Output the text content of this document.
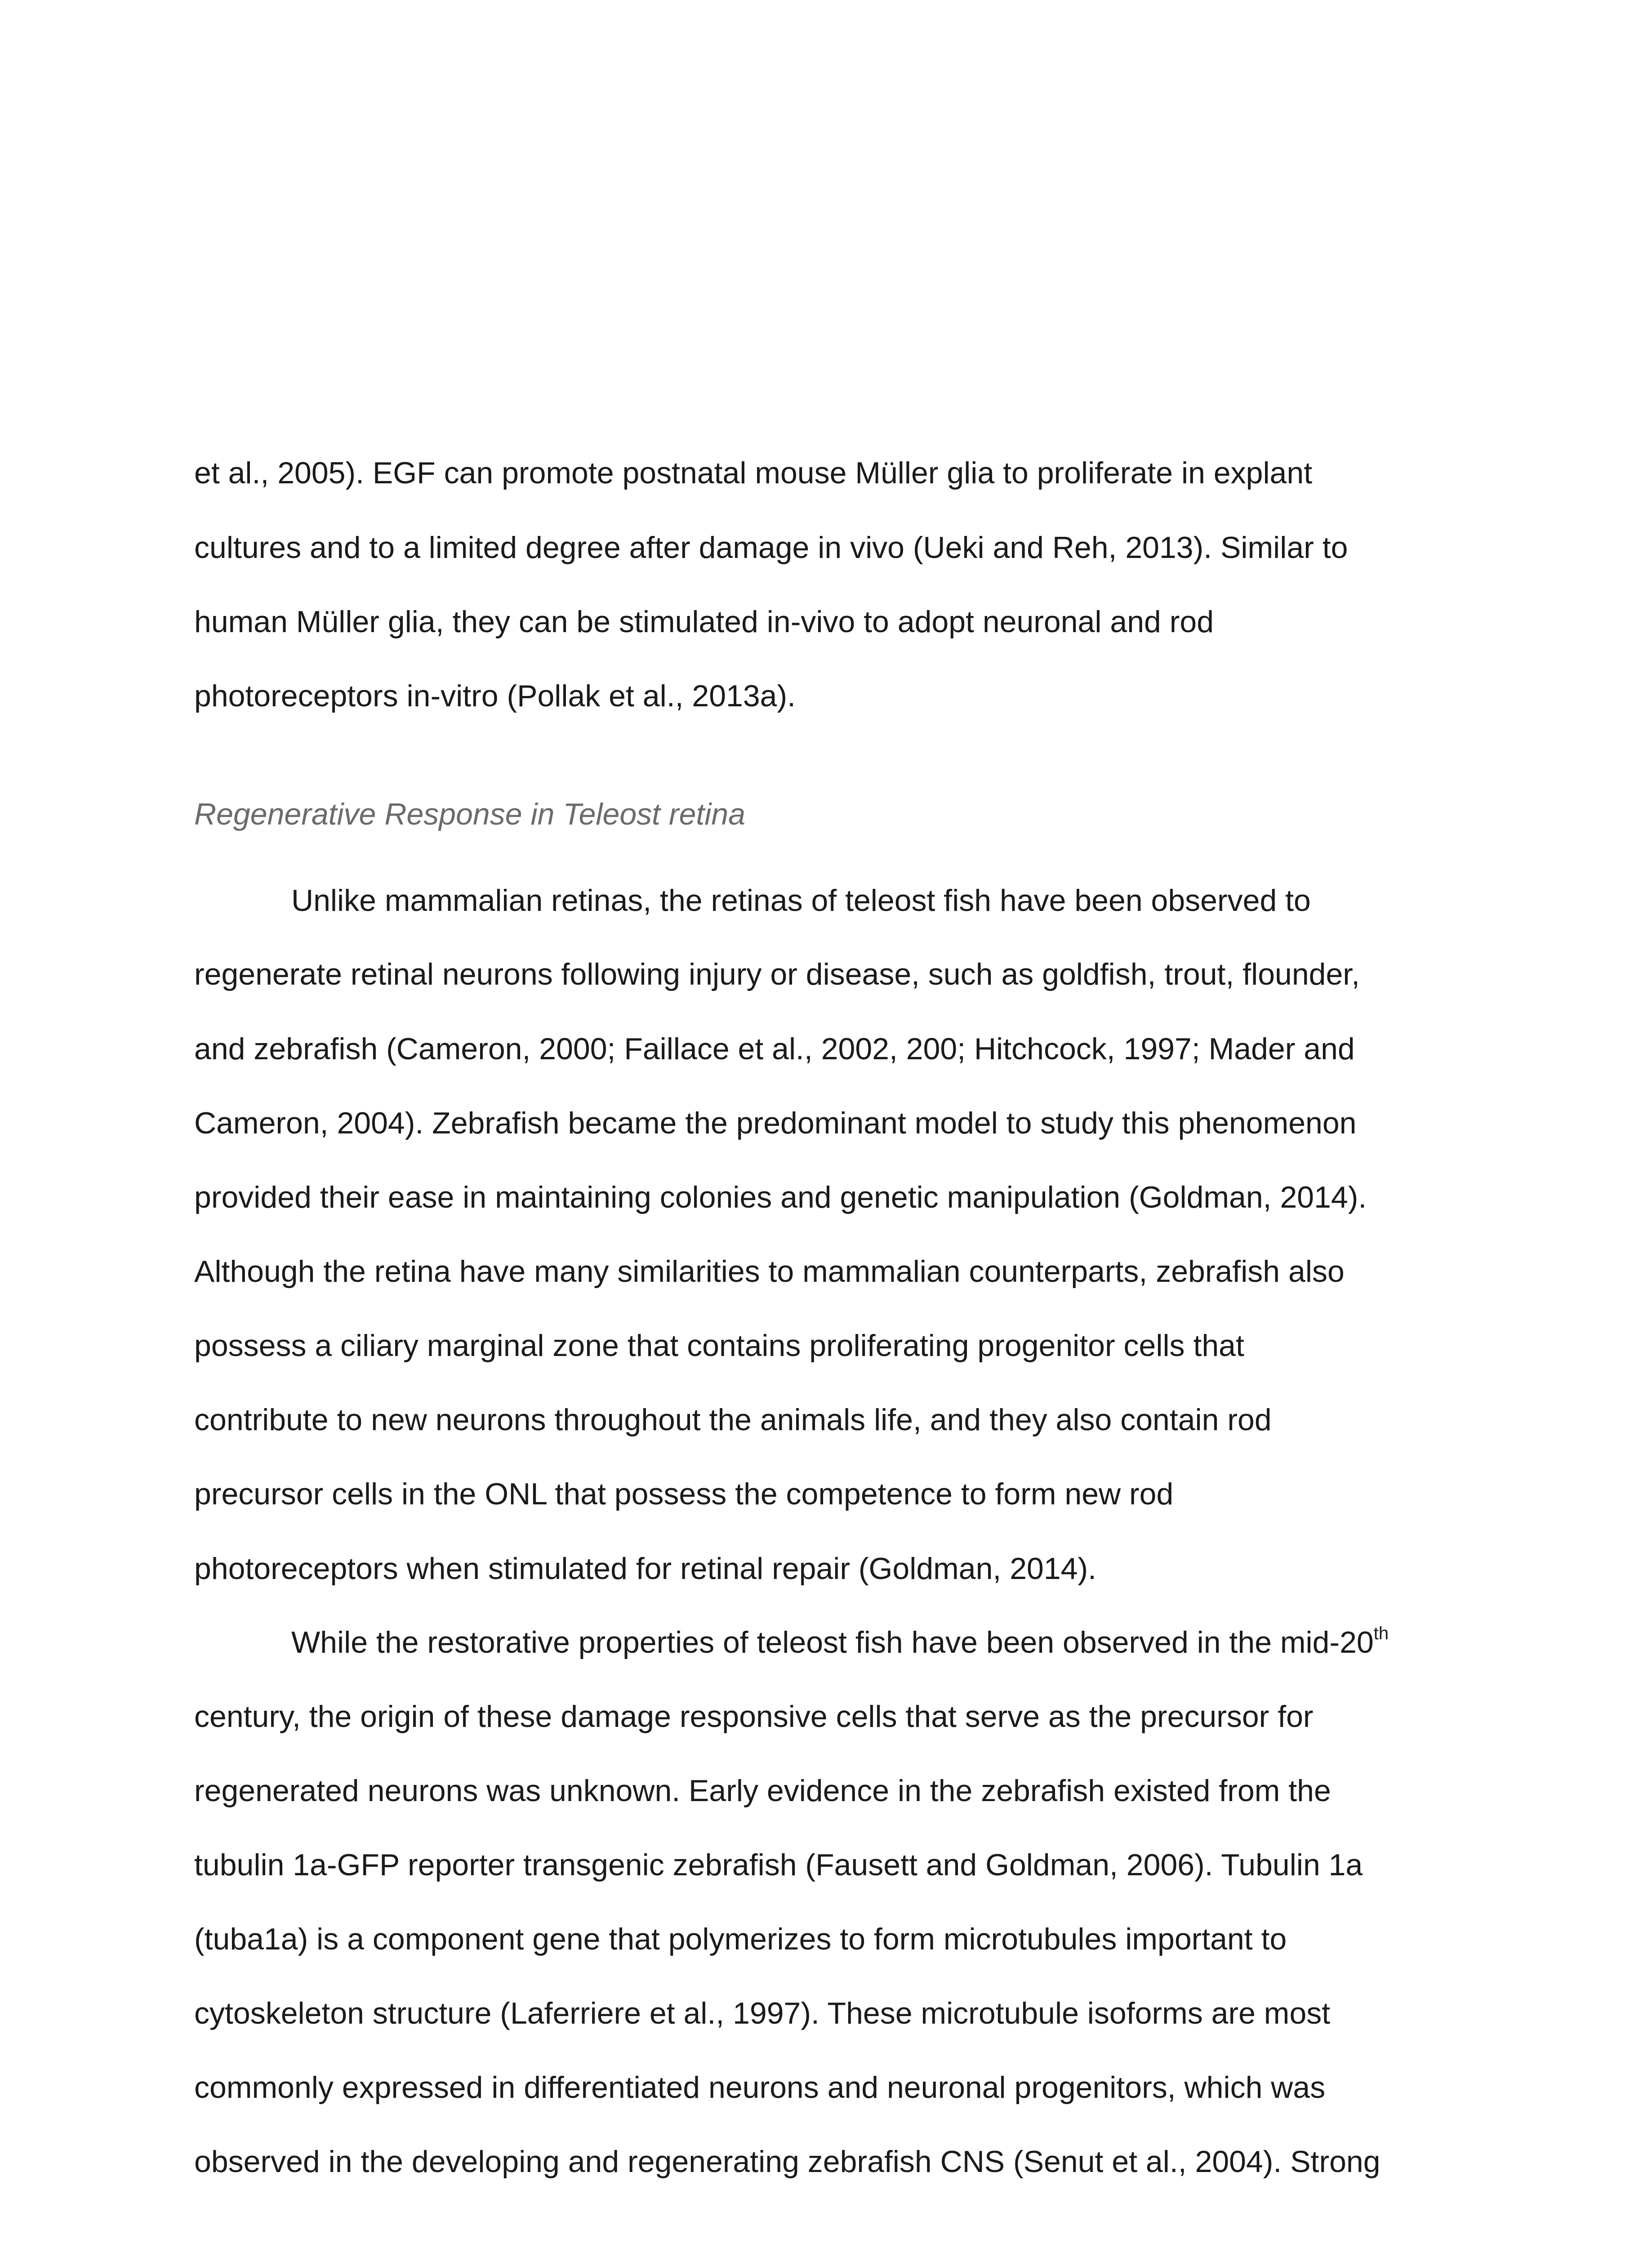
et al., 2005). EGF can promote postnatal mouse Müller glia to proliferate in explant

cultures and to a limited degree after damage in vivo (Ueki and Reh, 2013). Similar to

human Müller glia, they can be stimulated in-vivo to adopt neuronal and rod

photoreceptors in-vitro (Pollak et al., 2013a).

Regenerative Response in Teleost retina

Unlike mammalian retinas, the retinas of teleost fish have been observed to

regenerate retinal neurons following injury or disease, such as goldfish, trout, flounder,

and zebrafish (Cameron, 2000; Faillace et al., 2002, 200; Hitchcock, 1997; Mader and

Cameron, 2004). Zebrafish became the predominant model to study this phenomenon

provided their ease in maintaining colonies and genetic manipulation (Goldman, 2014).

Although the retina have many similarities to mammalian counterparts, zebrafish also

possess a ciliary marginal zone that contains proliferating progenitor cells that

contribute to new neurons throughout the animals life, and they also contain rod

precursor cells in the ONL that possess the competence to form new rod

photoreceptors when stimulated for retinal repair (Goldman, 2014).

While the restorative properties of teleost fish have been observed in the mid-20th

century, the origin of these damage responsive cells that serve as the precursor for

regenerated neurons was unknown. Early evidence in the zebrafish existed from the

tubulin 1a-GFP reporter transgenic zebrafish (Fausett and Goldman, 2006). Tubulin 1a

(tuba1a) is a component gene that polymerizes to form microtubules important to

cytoskeleton structure (Laferriere et al., 1997). These microtubule isoforms are most

commonly expressed in differentiated neurons and neuronal progenitors, which was

observed in the developing and regenerating zebrafish CNS (Senut et al., 2004). Strong
